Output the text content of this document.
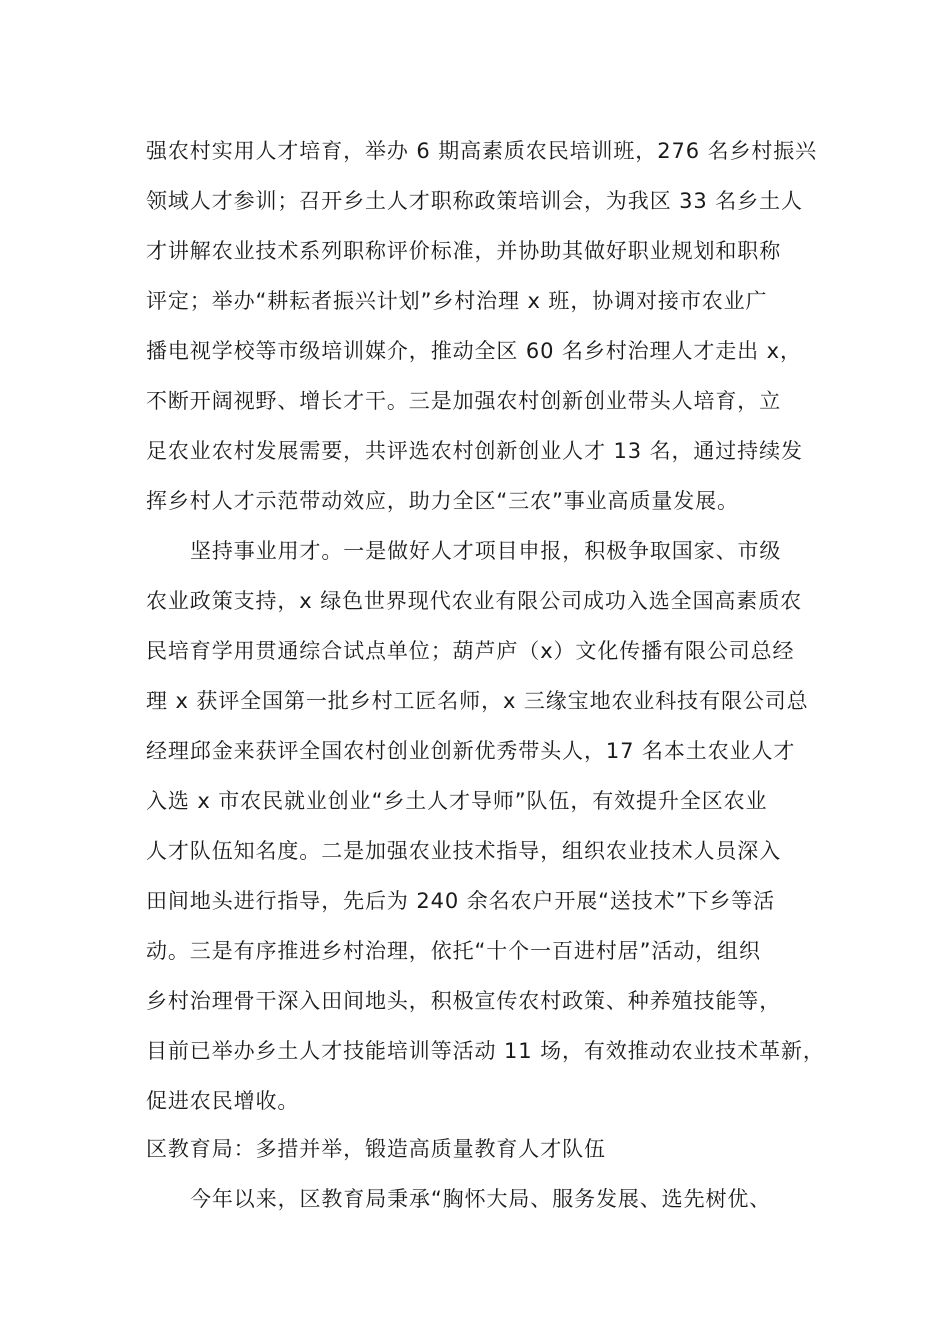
强农村实用人才培育，举办 6 期高素质农民培训班，276 名乡村振兴
领域人才参训；召开乡土人才职称政策培训会，为我区 33 名乡土人
才讲解农业技术系列职称评价标准，并协助其做好职业规划和职称
评定；举办“耕耘者振兴计划”乡村治理 x 班，协调对接市农业广
播电视学校等市级培训媒介，推动全区 60 名乡村治理人才走出 x，
不断开阔视野、增长才干。三是加强农村创新创业带头人培育，立
足农业农村发展需要，共评选农村创新创业人才 13 名，通过持续发
挥乡村人才示范带动效应，助力全区“三农”事业高质量发展。
坚持事业用才。一是做好人才项目申报，积极争取国家、市级
农业政策支持，x 绿色世界现代农业有限公司成功入选全国高素质农
民培育学用贯通综合试点单位；葫芦庐（x）文化传播有限公司总经
理 x 获评全国第一批乡村工匠名师，x 三缘宝地农业科技有限公司总
经理邱金来获评全国农村创业创新优秀带头人，17 名本土农业人才
入选 x 市农民就业创业“乡土人才导师”队伍，有效提升全区农业
人才队伍知名度。二是加强农业技术指导，组织农业技术人员深入
田间地头进行指导，先后为 240 余名农户开展“送技术”下乡等活
动。三是有序推进乡村治理，依托“十个一百进村居”活动，组织
乡村治理骨干深入田间地头，积极宣传农村政策、种养殖技能等，
目前已举办乡土人才技能培训等活动 11 场，有效推动农业技术革新，
促进农民增收。
区教育局：多措并举，锻造高质量教育人才队伍
今年以来，区教育局秉承“胸怀大局、服务发展、选先树优、
